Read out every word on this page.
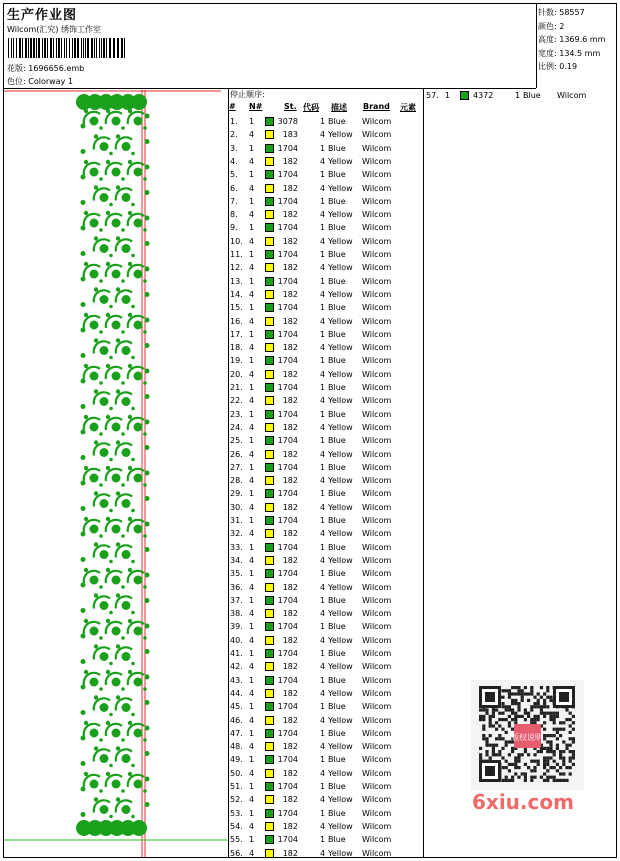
生产作业图
Wilcom(汇究) 绣饰工作室
花版: 1696656.emb
色位: Colorway 1
针数: 58557
颜色: 2
高度: 1369.6 mm
宽度: 134.5 mm
比例: 0.19
停止顺序:
# N#	St. 代码 描述 Brand 元素
1. 1	3078	1 Blue Wilcom
2. 4	183	4 Yellow Wilcom
3. 1	1704	1 Blue Wilcom
4. 4	182	4 Yellow Wilcom
5. 1	1704	1 Blue Wilcom
6. 4	182	4 Yellow Wilcom
7. 1	1704	1 Blue Wilcom
8. 4	182	4 Yellow Wilcom
9. 1	1704	1 Blue Wilcom
10. 4	182	4 Yellow Wilcom
11. 1	1704	1 Blue Wilcom
12. 4	182	4 Yellow Wilcom
13. 1	1704	1 Blue Wilcom
14. 4	182	4 Yellow Wilcom
15. 1	1704	1 Blue Wilcom
16. 4	182	4 Yellow Wilcom
17. 1	1704	1 Blue Wilcom
18. 4	182	4 Yellow Wilcom
19. 1	1704	1 Blue Wilcom
20. 4	182	4 Yellow Wilcom
21. 1	1704	1 Blue Wilcom
22. 4	182	4 Yellow Wilcom
23. 1	1704	1 Blue Wilcom
24. 4	182	4 Yellow Wilcom
25. 1	1704	1 Blue Wilcom
26. 4	182	4 Yellow Wilcom
27. 1	1704	1 Blue Wilcom
28. 4	182	4 Yellow Wilcom
29. 1	1704	1 Blue Wilcom
30. 4	182	4 Yellow Wilcom
31. 1	1704	1 Blue Wilcom
32. 4	182	4 Yellow Wilcom
33. 1	1704	1 Blue Wilcom
34. 4	182	4 Yellow Wilcom
35. 1	1704	1 Blue Wilcom
36. 4	182	4 Yellow Wilcom
37. 1	1704	1 Blue Wilcom
38. 4	182	4 Yellow Wilcom
39. 1	1704	1 Blue Wilcom
40. 4	182	4 Yellow Wilcom
41. 1	1704	1 Blue Wilcom
42. 4	182	4 Yellow Wilcom
43. 1	1704	1 Blue Wilcom
44. 4	182	4 Yellow Wilcom
45. 1	1704	1 Blue Wilcom
46. 4	182	4 Yellow Wilcom
47. 1	1704	1 Blue Wilcom
48. 4	182	4 Yellow Wilcom
49. 1	1704	1 Blue Wilcom
50. 4	182	4 Yellow Wilcom
51. 1	1704	1 Blue Wilcom
52. 4	182	4 Yellow Wilcom
53. 1	1704	1 Blue Wilcom
54. 4	182	4 Yellow Wilcom
55. 1	1704	1 Blue Wilcom
56. 4	182	4 Yellow Wilcom
57. 1	4372	1 Blue Wilcom
版权说明
6xiu.com
